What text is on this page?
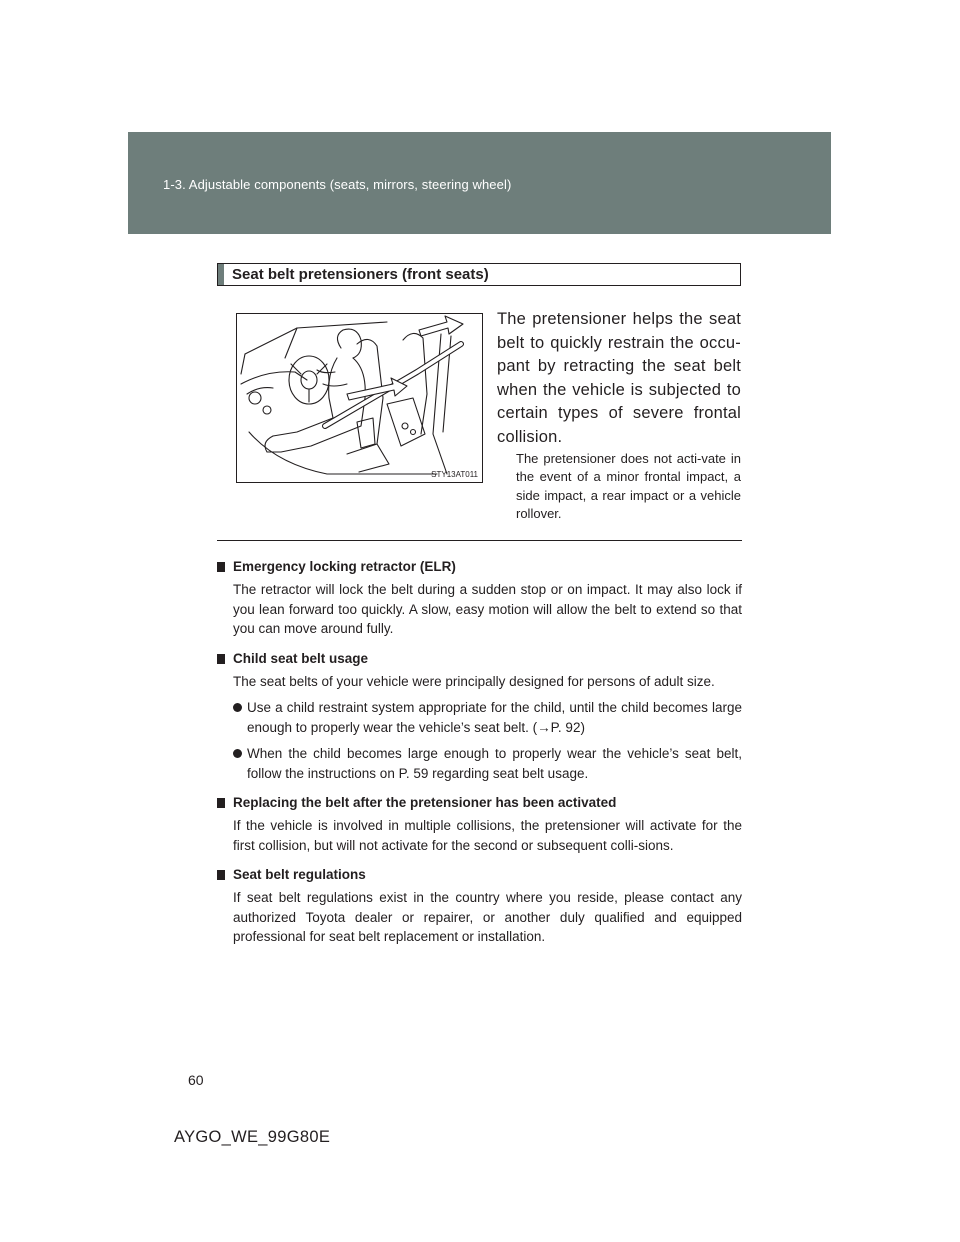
1-3. Adjustable components (seats, mirrors, steering wheel)
Seat belt pretensioners (front seats)
STY13AT011
The pretensioner helps the seat belt to quickly restrain the occu-pant by retracting the seat belt when the vehicle is subjected to certain types of severe frontal collision.
The pretensioner does not acti-vate in the event of a minor frontal impact, a side impact, a rear impact or a vehicle rollover.

Emergency locking retractor (ELR)

The retractor will lock the belt during a sudden stop or on impact. It may also lock if you lean forward too quickly. A slow, easy motion will allow the belt to extend so that you can move around fully.

Child seat belt usage

The seat belts of your vehicle were principally designed for persons of adult size.
Use a child restraint system appropriate for the child, until the child becomes large enough to properly wear the vehicle’s seat belt. (→P. 92)
When the child becomes large enough to properly wear the vehicle’s seat belt, follow the instructions on P. 59 regarding seat belt usage.

Replacing the belt after the pretensioner has been activated

If the vehicle is involved in multiple collisions, the pretensioner will activate for the first collision, but will not activate for the second or subsequent colli-sions.

Seat belt regulations

If seat belt regulations exist in the country where you reside, please contact any authorized Toyota dealer or repairer, or another duly qualified and equipped professional for seat belt replacement or installation.
60
AYGO_WE_99G80E
